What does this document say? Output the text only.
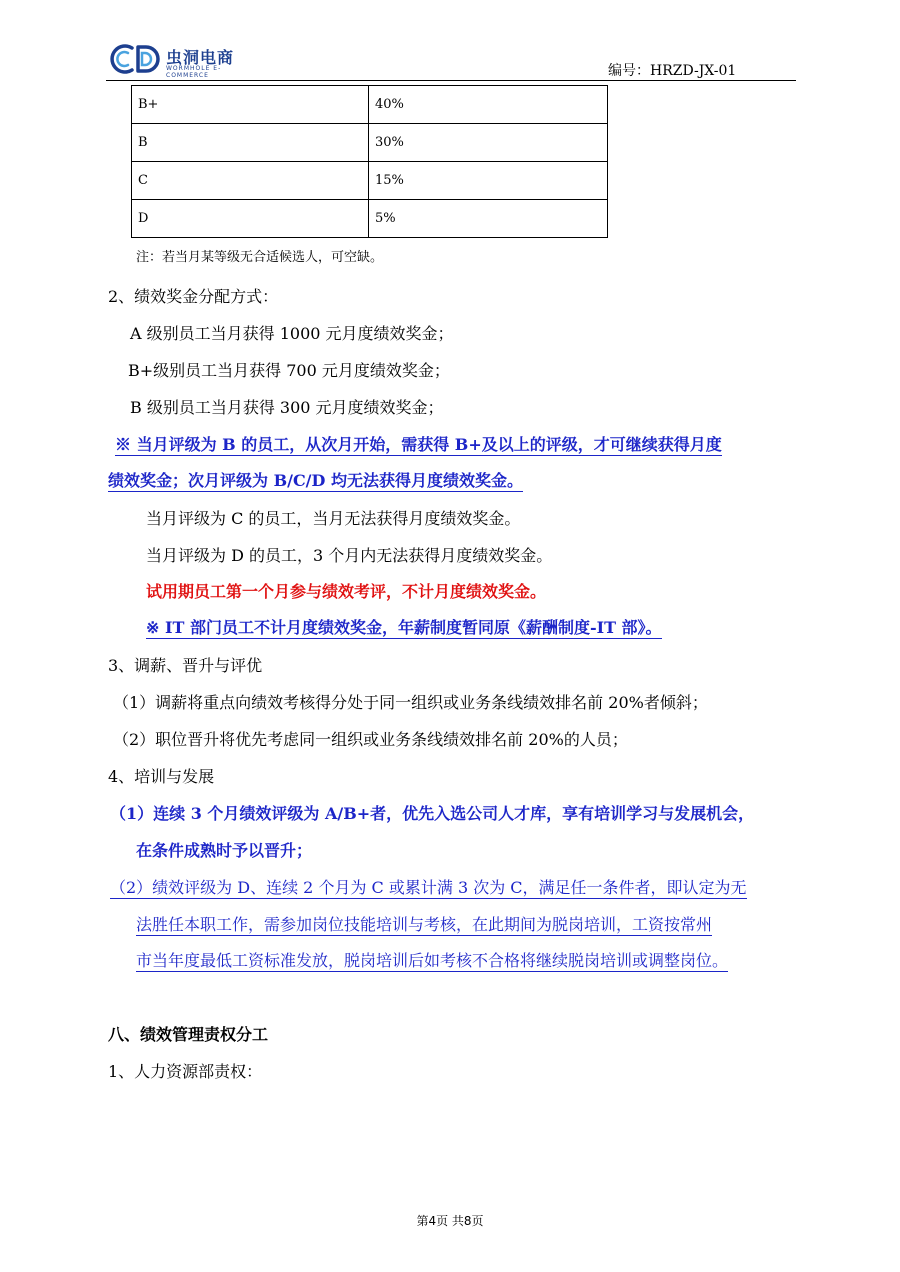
虫洞电商
WORMHOLE E-COMMERCE	编号：HRZD-JX-01
B+	40%
B	30%
C	15%
D	5%
注：若当月某等级无合适候选人，可空缺。
2、绩效奖金分配方式：
A 级别员工当月获得 1000 元月度绩效奖金；
B+级别员工当月获得 700 元月度绩效奖金；
B 级别员工当月获得 300 元月度绩效奖金；
※ 当月评级为 B 的员工，从次月开始，需获得 B+及以上的评级，才可继续获得月度
绩效奖金；次月评级为 B/C/D 均无法获得月度绩效奖金。
当月评级为 C 的员工，当月无法获得月度绩效奖金。
当月评级为 D 的员工，3 个月内无法获得月度绩效奖金。
试用期员工第一个月参与绩效考评，不计月度绩效奖金。
※ IT 部门员工不计月度绩效奖金，年薪制度暂同原《薪酬制度-IT 部》。
3、调薪、晋升与评优
（1）调薪将重点向绩效考核得分处于同一组织或业务条线绩效排名前 20%者倾斜；
（2）职位晋升将优先考虑同一组织或业务条线绩效排名前 20%的人员；
4、培训与发展
（1）连续 3 个月绩效评级为 A/B+者，优先入选公司人才库，享有培训学习与发展机会，
在条件成熟时予以晋升；
（2）绩效评级为 D、连续 2 个月为 C 或累计满 3 次为 C，满足任一条件者，即认定为无
法胜任本职工作，需参加岗位技能培训与考核，在此期间为脱岗培训，工资按常州
市当年度最低工资标准发放，脱岗培训后如考核不合格将继续脱岗培训或调整岗位。
八、绩效管理责权分工
1、人力资源部责权：
第4页 共8页
